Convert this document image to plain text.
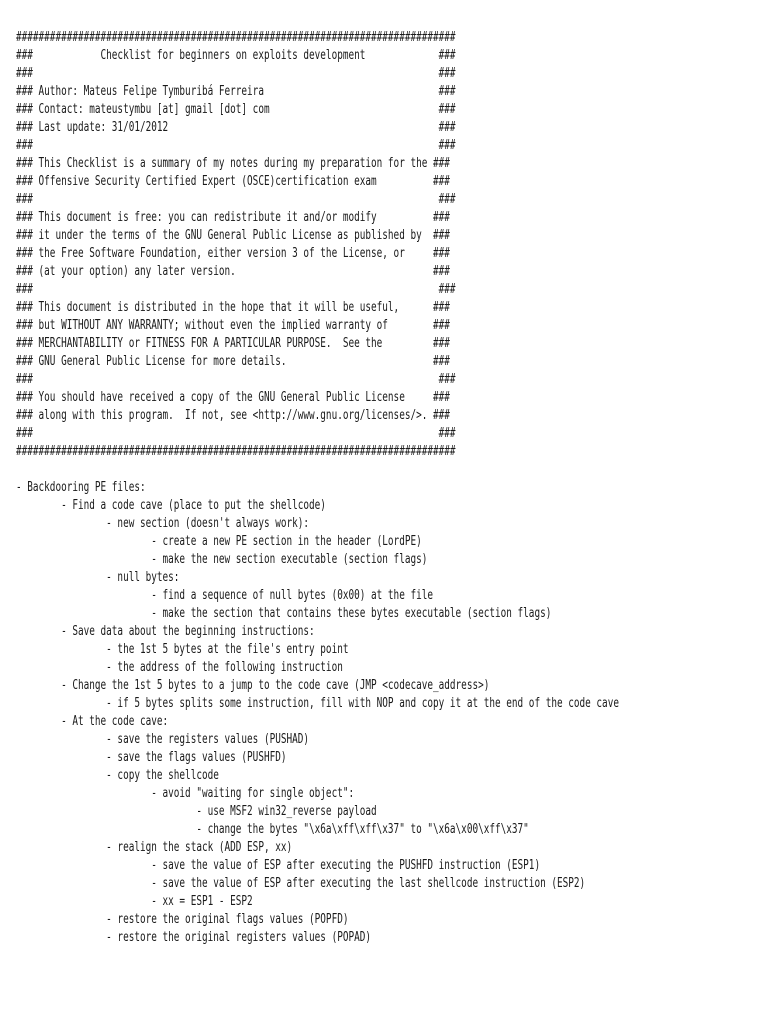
##############################################################################
###            Checklist for beginners on exploits development             ###
###                                                                        ###
### Author: Mateus Felipe Tymburibá Ferreira                               ###
### Contact: mateustymbu [at] gmail [dot] com                              ###
### Last update: 31/01/2012                                                ###
###                                                                        ###
### This Checklist is a summary of my notes during my preparation for the ###
### Offensive Security Certified Expert (OSCE)certification exam          ###
###                                                                        ###
### This document is free: you can redistribute it and/or modify          ###
### it under the terms of the GNU General Public License as published by  ###
### the Free Software Foundation, either version 3 of the License, or     ###
### (at your option) any later version.                                   ###
###                                                                        ###
### This document is distributed in the hope that it will be useful,      ###
### but WITHOUT ANY WARRANTY; without even the implied warranty of        ###
### MERCHANTABILITY or FITNESS FOR A PARTICULAR PURPOSE.  See the         ###
### GNU General Public License for more details.                          ###
###                                                                        ###
### You should have received a copy of the GNU General Public License     ###
### along with this program.  If not, see <http://www.gnu.org/licenses/>. ###
###                                                                        ###
##############################################################################
- Backdooring PE files:
- Find a code cave (place to put the shellcode)
- new section (doesn't always work):
- create a new PE section in the header (LordPE)
- make the new section executable (section flags)
- null bytes:
- find a sequence of null bytes (0x00) at the file
- make the section that contains these bytes executable (section flags)
- Save data about the beginning instructions:
- the 1st 5 bytes at the file's entry point
- the address of the following instruction
- Change the 1st 5 bytes to a jump to the code cave (JMP <codecave_address>)
- if 5 bytes splits some instruction, fill with NOP and copy it at the end of the code cave
- At the code cave:
- save the registers values (PUSHAD)
- save the flags values (PUSHFD)
- copy the shellcode
- avoid "waiting for single object":
- use MSF2 win32_reverse payload
- change the bytes "\x6a\xff\xff\x37" to "\x6a\x00\xff\x37"
- realign the stack (ADD ESP, xx)
- save the value of ESP after executing the PUSHFD instruction (ESP1)
- save the value of ESP after executing the last shellcode instruction (ESP2)
- xx = ESP1 - ESP2
- restore the original flags values (POPFD)
- restore the original registers values (POPAD)
